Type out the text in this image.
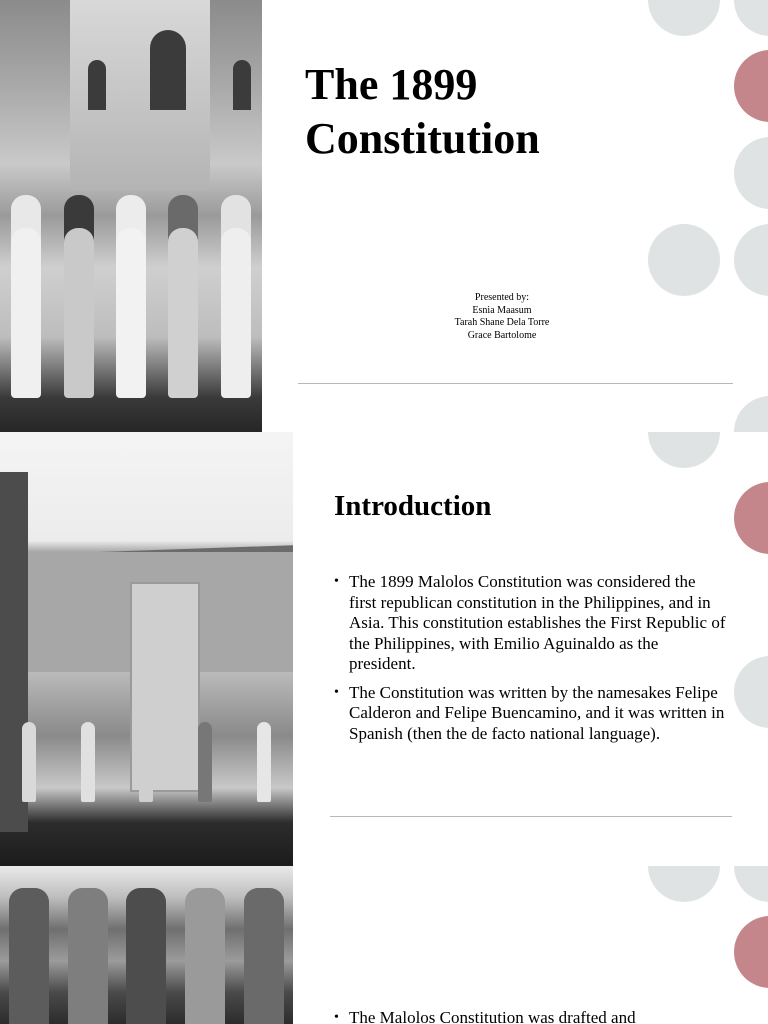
The 1899 Constitution
Presented by:
Esnia Maasum
Tarah Shane Dela Torre
Grace Bartolome
Introduction
• The 1899 Malolos Constitution was considered the first republican constitution in the Philippines, and in Asia. This constitution establishes the First Republic of the Philippines, with Emilio Aguinaldo as the president.
• The Constitution was written by the namesakes Felipe Calderon and Felipe Buencamino, and it was written in Spanish (then the de facto national language).
• The Malolos Constitution was drafted and
